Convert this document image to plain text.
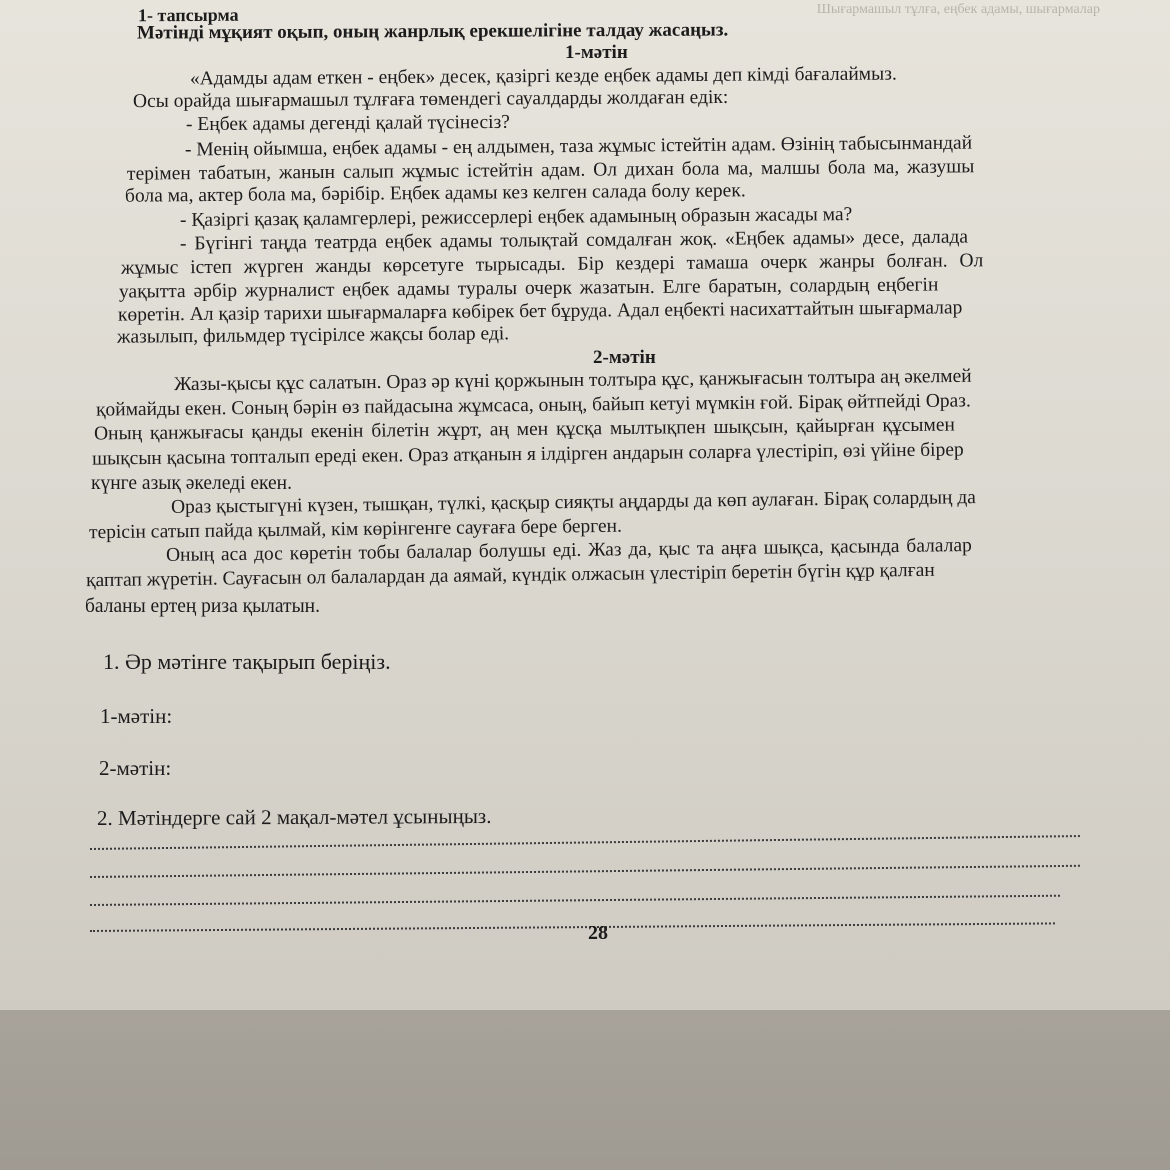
Шығармашыл тұлға, еңбек адамы, шығармалар
1- тапсырма
Мәтінді мұқият оқып, оның жанрлық ерекшелігіне талдау жасаңыз.
1-мәтін
«Адамды адам еткен - еңбек» десек, қазіргі кезде еңбек адамы деп кімді бағалаймыз.
Осы орайда шығармашыл тұлғаға төмендегі сауалдарды жолдаған едік:
- Еңбек адамы дегенді қалай түсінесіз?
- Менің ойымша, еңбек адамы - ең алдымен, таза жұмыс істейтін адам. Өзінің табысынмандай
терімен табатын, жанын салып жұмыс істейтін адам. Ол дихан бола ма, малшы бола ма, жазушы
бола ма, актер бола ма, бәрібір. Еңбек адамы кез келген салада болу керек.
- Қазіргі қазақ қаламгерлері, режиссерлері еңбек адамының образын жасады ма?
- Бүгінгі таңда театрда еңбек адамы толықтай сомдалған жоқ. «Еңбек адамы» десе, далада
жұмыс істеп жүрген жанды көрсетуге тырысады. Бір кездері тамаша очерк жанры болған. Ол
уақытта әрбір журналист еңбек адамы туралы очерк жазатын. Елге баратын, солардың еңбегін
көретін. Ал қазір тарихи шығармаларға көбірек бет бұруда. Адал еңбекті насихаттайтын шығармалар
жазылып, фильмдер түсірілсе жақсы болар еді.
2-мәтін
Жазы-қысы құс салатын. Ораз әр күні қоржынын толтыра құс, қанжығасын толтыра аң әкелмей
қоймайды екен. Соның бәрін өз пайдасына жұмсаса, оның, байып кетуі мүмкін ғой. Бірақ өйтпейді Ораз.
Оның қанжығасы қанды екенін білетін жұрт, аң мен құсқа мылтықпен шықсын, қайырған құсымен
шықсын қасына топталып ереді екен. Ораз атқанын я ілдірген андарын соларға үлестіріп, өзі үйіне бірер
күнге азық әкеледі екен.
Ораз қыстыгүні күзен, тышқан, түлкі, қасқыр сияқты аңдарды да көп аулаған. Бірақ солардың да
терісін сатып пайда қылмай, кім көрінгенге сауғаға бере берген.
Оның аса дос көретін тобы балалар болушы еді. Жаз да, қыс та аңға шықса, қасында балалар
қаптап жүретін. Сауғасын ол балалардан да аямай, күндік олжасын үлестіріп беретін бүгін құр қалған
баланы ертең риза қылатын.
1. Әр мәтінге тақырып беріңіз.
1-мәтін:
2-мәтін:
2. Мәтіндерге сай 2 мақал-мәтел ұсыныңыз.
28
